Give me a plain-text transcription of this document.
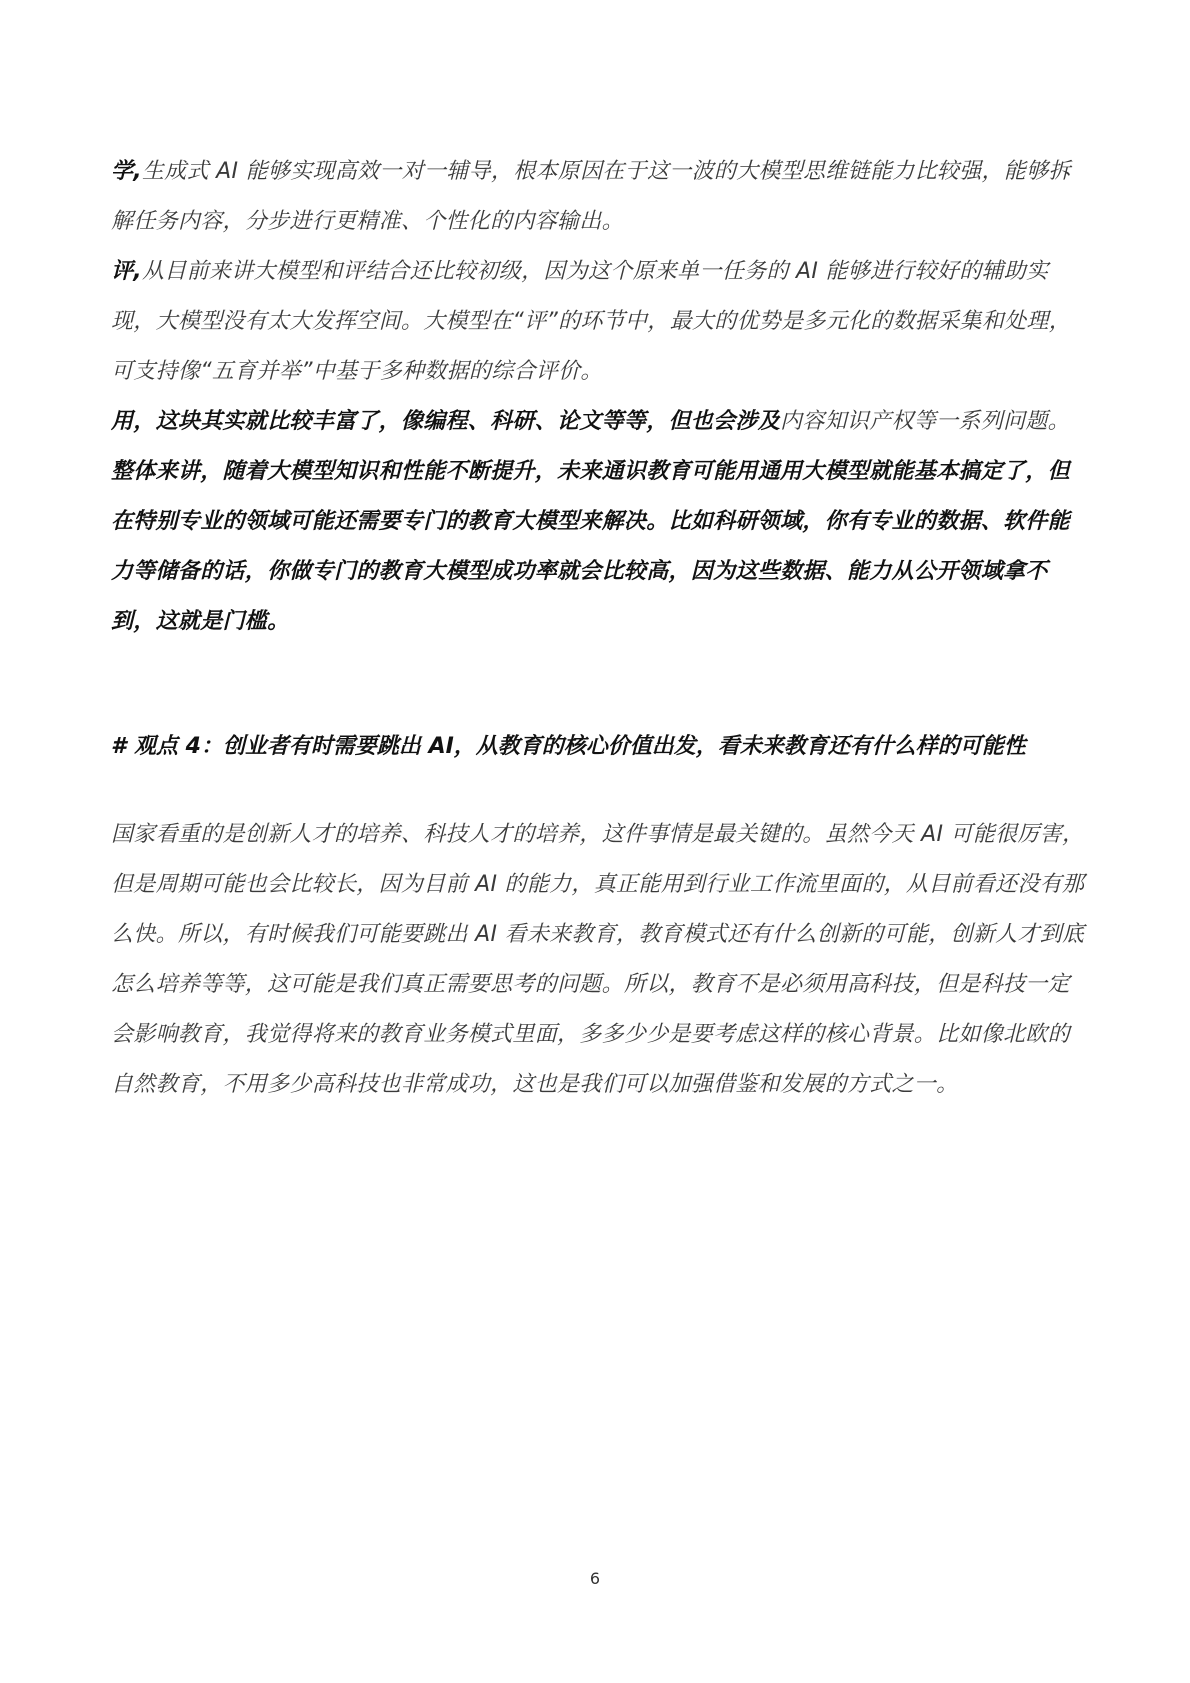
学,生成式 AI 能够实现高效一对一辅导，根本原因在于这一波的大模型思维链能力比较强，能够拆解任务内容，分步进行更精准、个性化的内容输出。

评,从目前来讲大模型和评结合还比较初级，因为这个原来单一任务的 AI 能够进行较好的辅助实现，大模型没有太大发挥空间。大模型在“评”的环节中，最大的优势是多元化的数据采集和处理，可支持像“五育并举”中基于多种数据的综合评价。

用，这块其实就比较丰富了，像编程、科研、论文等等，但也会涉及内容知识产权等一系列问题。

整体来讲，随着大模型知识和性能不断提升，未来通识教育可能用通用大模型就能基本搞定了，但在特别专业的领域可能还需要专门的教育大模型来解决。比如科研领域，你有专业的数据、软件能力等储备的话，你做专门的教育大模型成功率就会比较高，因为这些数据、能力从公开领域拿不到，这就是门槛。

# 观点 4：创业者有时需要跳出 AI，从教育的核心价值出发，看未来教育还有什么样的可能性

国家看重的是创新人才的培养、科技人才的培养，这件事情是最关键的。虽然今天 AI 可能很厉害，但是周期可能也会比较长，因为目前 AI 的能力，真正能用到行业工作流里面的，从目前看还没有那么快。所以，有时候我们可能要跳出 AI 看未来教育，教育模式还有什么创新的可能，创新人才到底怎么培养等等，这可能是我们真正需要思考的问题。所以，教育不是必须用高科技，但是科技一定会影响教育，我觉得将来的教育业务模式里面，多多少少是要考虑这样的核心背景。比如像北欧的自然教育，不用多少高科技也非常成功，这也是我们可以加强借鉴和发展的方式之一。

6
